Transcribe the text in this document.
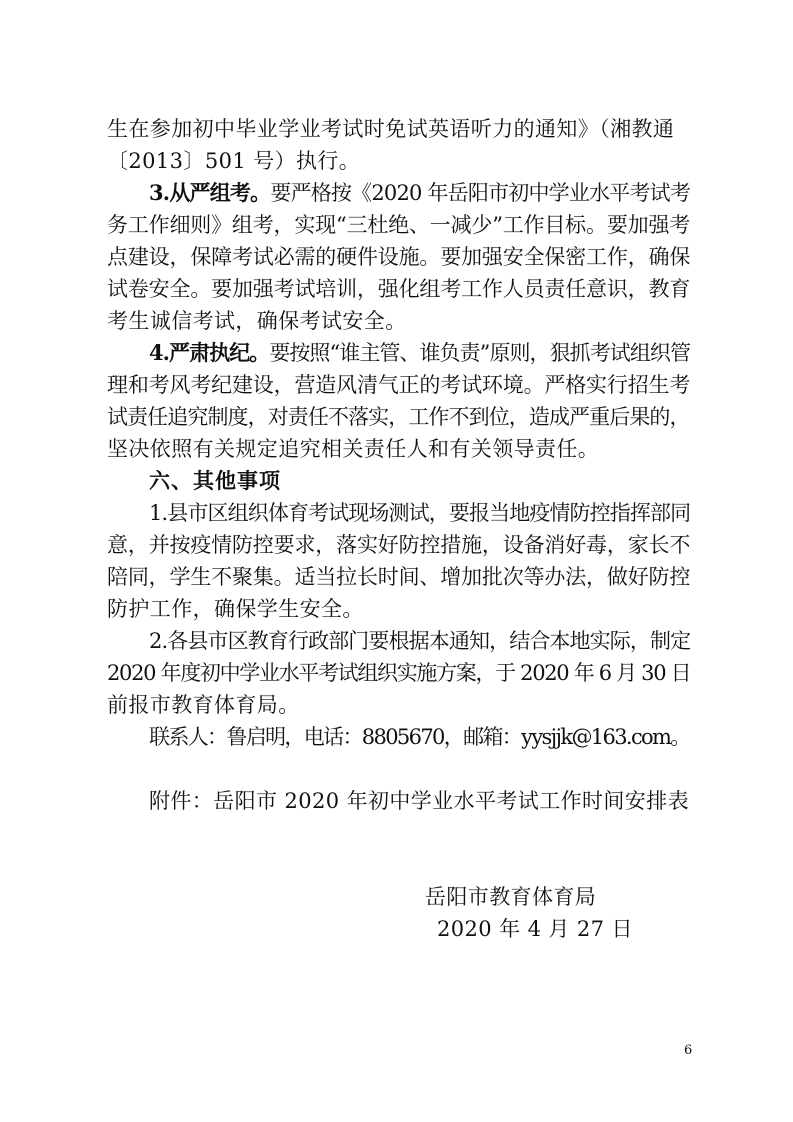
生在参加初中毕业学业考试时免试英语听力的通知》（湘教通
〔2013〕501 号）执行。
3.从严组考。要严格按《2020 年岳阳市初中学业水平考试考
务工作细则》组考，实现“三杜绝、一减少”工作目标。要加强考
点建设，保障考试必需的硬件设施。要加强安全保密工作，确保
试卷安全。要加强考试培训，强化组考工作人员责任意识，教育
考生诚信考试，确保考试安全。
4.严肃执纪。要按照“谁主管、谁负责”原则，狠抓考试组织管
理和考风考纪建设，营造风清气正的考试环境。严格实行招生考
试责任追究制度，对责任不落实，工作不到位，造成严重后果的，
坚决依照有关规定追究相关责任人和有关领导责任。
六、其他事项
1.县市区组织体育考试现场测试，要报当地疫情防控指挥部同
意，并按疫情防控要求，落实好防控措施，设备消好毒，家长不
陪同，学生不聚集。适当拉长时间、增加批次等办法，做好防控
防护工作，确保学生安全。
2.各县市区教育行政部门要根据本通知，结合本地实际，制定
2020 年度初中学业水平考试组织实施方案，于 2020 年 6 月 30 日
前报市教育体育局。
联系人：鲁启明，电话：8805670，邮箱：yysjjk@163.com。
附件：岳阳市 2020 年初中学业水平考试工作时间安排表
岳阳市教育体育局
2020 年 4 月 27 日
6
